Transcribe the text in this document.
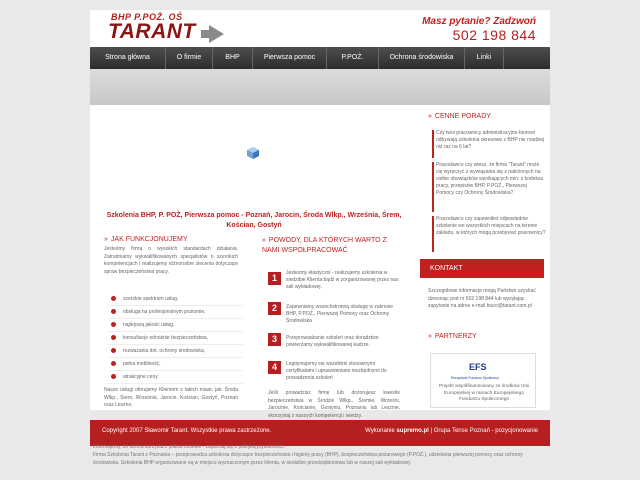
BHP P.POŻ. OŚ
TARANT	Masz pytanie? Zadzwoń
502 198 844
Strona główna	O firmie	BHP	Pierwsza pomoc	P.POŻ.	Ochrona środowiska	Linki
Szkolenia BHP, P. POŻ, Pierwsza pomoc - Poznań, Jarocin, Środa Wlkp., Września, Śrem, Kościan, Gostyń
» JAK FUNKCJONUJEMY
Jesteśmy firmą o wysokich standardach działania. Zatrudniamy wykwalifikowanych specjalistów o szerokich kompetencjach i realizujemy różnorodne zlecenia dotyczące spraw bezpieczeństwa pracy.
szerokie spektrum usług,
obsługa na profesjonalnym poziomie,
najlepszą jakość usług,
konsultacje odnośnie bezpieczeństwa,
rozważania dot. ochrony środowiska,
pełna mobilność,
atrakcyjne ceny.
Nasze usługi oferujemy Klientom z takich miast, jak: Środa Wlkp., Śrem, Września, Jarocin, Kościan, Gostyń, Poznań oraz Leszno.
» POWODY, DLA KTÓRYCH WARTO Z NAMI WSPÓŁPRACOWAĆ
1	Jesteśmy elastyczni - realizujemy szkolenia w siedzibie Klienta bądź w zorganizowanej przez nas sali wykładowej.
2	Zapewniamy wszechstronną obsługę w zakresie BHP, P.POŻ., Pierwszej Pomocy oraz Ochrony Środowiska
3	Przeprowadzanie szkoleń oraz doradztwo powierzamy wykwalifikowanej kadrze.
4	Legitymujemy się wszelkimi stosownymi certyfikatami i uprawnieniami niezbędnymi do prowadzenia szkoleń
Jeśli prowadzisz firmę lub dozorujesz kwestie bezpieczeństwa w Środzie Wlkp., Śremie, Wrześni, Jarocinie, Kościanie, Gostyniu, Poznaniu lub Lesznie, skorzystaj z naszych kompetencji i wiedzy.
» CENNE PORADY
Czy twoi pracownicy administracyjno-biurowi odbywają szkolenia okresowe z BHP nie rzadziej niż raz na 6 lat?
Pracodawco czy wiesz, że firma "Tarant" może cię wyręczyć z wywiązania się z nałożonych na ciebie obowiązków wynikających min. z kodeksu pracy, przepisów BHP, P.POŻ., Pierwszej Pomocy czy Ochrony Środowiska?
Pracodawco czy zapewniłeś odpowiednie szkolenie we wszystkich miejscach na terenie zakładu, w których mogą przebywać pracownicy?
KONTAKT
Szczegółowe informacje mogą Państwo uzyskać dzwoniąc pod nr 502 198 844 lub wysyłając zapytanie na adres e-mail biuro@tarant.com.pl
» PARTNERZY
EFS
Europejski Fundusz Społeczny
Projekt współfinansowany ze środków Unii Europejskiej w ramach Europejskiego Funduszu Społecznego
Copyright 2007 Sławomir Tarant. Wszystkie prawa zastrzeżone.	Wykonanie supremo.pl | Grupa Tense Poznań - pozycjonowanie
Informujemy, że strona korzysta z plików cookies - zapoznaj się z polityką prywatności.
Firma Szkolenia Tarant z Poznania – przeprowadza szkolenia dotyczące bezpieczeństwa i higieny pracy (BHP), bezpieczeństwa pożarowego (P.POŻ.), udzielania pierwszej pomocy oraz ochrony środowiska. Szkolenia BHP organizowane są w miejscu wyznaczonym przez klienta, w siedzibie przedsiębiorstwa lub w naszej sali wykładowej.
